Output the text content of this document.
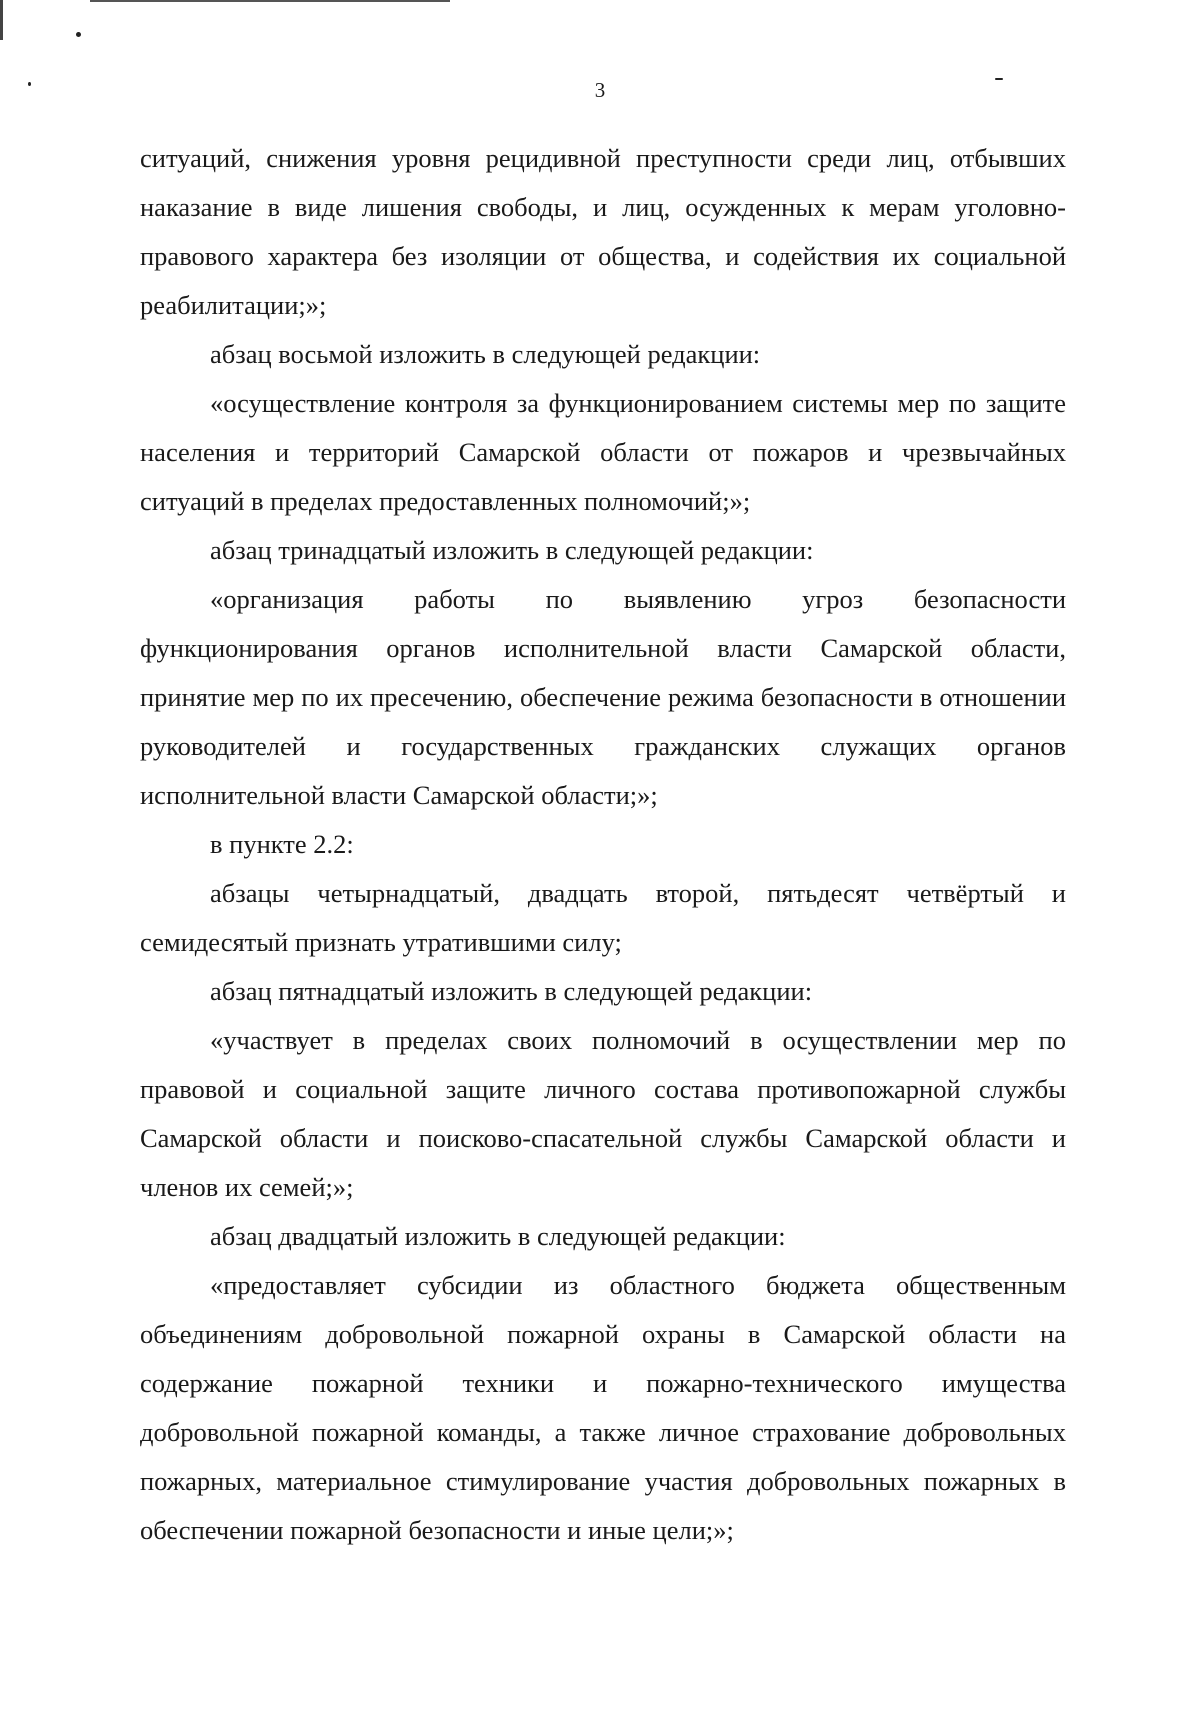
3

ситуаций, снижения уровня рецидивной преступности среди лиц, отбывших наказание в виде лишения свободы, и лиц, осужденных к мерам уголовно-правового характера без изоляции от общества, и содействия их социальной реабилитации;»;

абзац восьмой изложить в следующей редакции:

«осуществление контроля за функционированием системы мер по защите населения и территорий Самарской области от пожаров и чрезвычайных ситуаций в пределах предоставленных полномочий;»;

абзац тринадцатый изложить в следующей редакции:

«организация работы по выявлению угроз безопасности функционирования органов исполнительной власти Самарской области, принятие мер по их пресечению, обеспечение режима безопасности в отношении руководителей и государственных гражданских служащих органов исполнительной власти Самарской области;»;

в пункте 2.2:

абзацы четырнадцатый, двадцать второй, пятьдесят четвёртый и семидесятый признать утратившими силу;

абзац пятнадцатый изложить в следующей редакции:

«участвует в пределах своих полномочий в осуществлении мер по правовой и социальной защите личного состава противопожарной службы Самарской области и поисково-спасательной службы Самарской области и членов их семей;»;

абзац двадцатый изложить в следующей редакции:

«предоставляет субсидии из областного бюджета общественным объединениям добровольной пожарной охраны в Самарской области на содержание пожарной техники и пожарно-технического имущества добровольной пожарной команды, а также личное страхование добровольных пожарных, материальное стимулирование участия добровольных пожарных в обеспечении пожарной безопасности и иные цели;»;
